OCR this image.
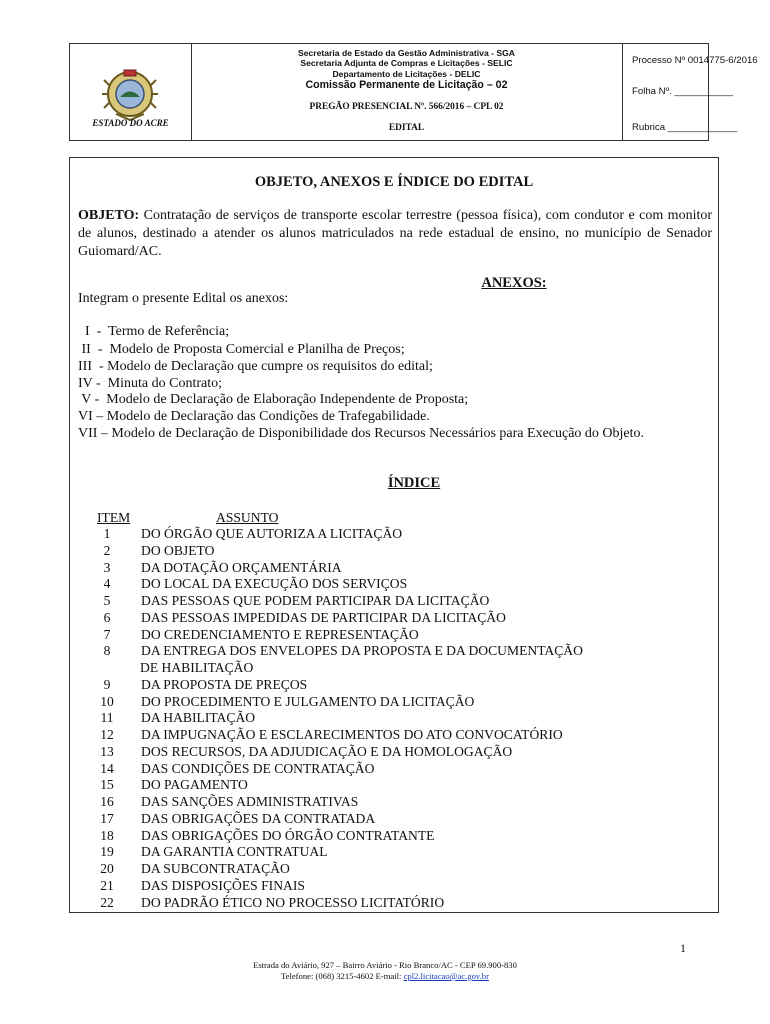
ESTADO DO ACRE
Secretaria de Estado da Gestão Administrativa - SGA
Secretaria Adjunta de Compras e Licitações - SELIC
Departamento de Licitações - DELIC
Comissão Permanente de Licitação – 02
PREGÃO PRESENCIAL Nº. 566/2016 – CPL 02
EDITAL
Processo Nº 0014775-6/2016
Folha Nº. ___________
Rubrica _____________
OBJETO, ANEXOS E ÍNDICE DO EDITAL
OBJETO: Contratação de serviços de transporte escolar terrestre (pessoa física), com condutor e com monitor de alunos, destinado a atender os alunos matriculados na rede estadual de ensino, no município de Senador Guiomard/AC.
ANEXOS:
Integram o presente Edital os anexos:
I  -  Termo de Referência;
II  -  Modelo de Proposta Comercial e Planilha de Preços;
III  - Modelo de Declaração que cumpre os requisitos do edital;
IV -  Minuta do Contrato;
V -  Modelo de Declaração de Elaboração Independente de Proposta;
VI – Modelo de Declaração das Condições de Trafegabilidade.
VII – Modelo de Declaração de Disponibilidade dos Recursos Necessários para Execução do Objeto.
ÍNDICE
ITEM	ASSUNTO
1	DO ÓRGÃO QUE AUTORIZA A LICITAÇÃO
2	DO OBJETO
3	DA DOTAÇÃO ORÇAMENTÁRIA
4	DO LOCAL DA EXECUÇÃO DOS SERVIÇOS
5	DAS PESSOAS QUE PODEM PARTICIPAR DA LICITAÇÃO
6	DAS PESSOAS IMPEDIDAS DE PARTICIPAR DA LICITAÇÃO
7	DO CREDENCIAMENTO E REPRESENTAÇÃO
8	DA ENTREGA DOS ENVELOPES DA PROPOSTA E DA DOCUMENTAÇÃO
DE HABILITAÇÃO
9	DA PROPOSTA DE PREÇOS
10	DO PROCEDIMENTO E JULGAMENTO DA LICITAÇÃO
11	DA HABILITAÇÃO
12	DA IMPUGNAÇÃO E ESCLARECIMENTOS DO ATO CONVOCATÓRIO
13	DOS RECURSOS, DA ADJUDICAÇÃO E DA HOMOLOGAÇÃO
14	DAS CONDIÇÕES DE CONTRATAÇÃO
15	DO PAGAMENTO
16	DAS SANÇÕES ADMINISTRATIVAS
17	DAS OBRIGAÇÕES DA CONTRATADA
18	DAS OBRIGAÇÕES DO ÓRGÃO CONTRATANTE
19	DA GARANTIA CONTRATUAL
20	DA SUBCONTRATAÇÃO
21	DAS DISPOSIÇÕES FINAIS
22	DO PADRÃO ÉTICO NO PROCESSO LICITATÓRIO
1
Estrada do Aviário, 927 – Bairro Aviário - Rio Branco/AC - CEP 69.900-830
Telefone: (068) 3215-4602 E-mail: cpl2.licitacao@ac.gov.br
